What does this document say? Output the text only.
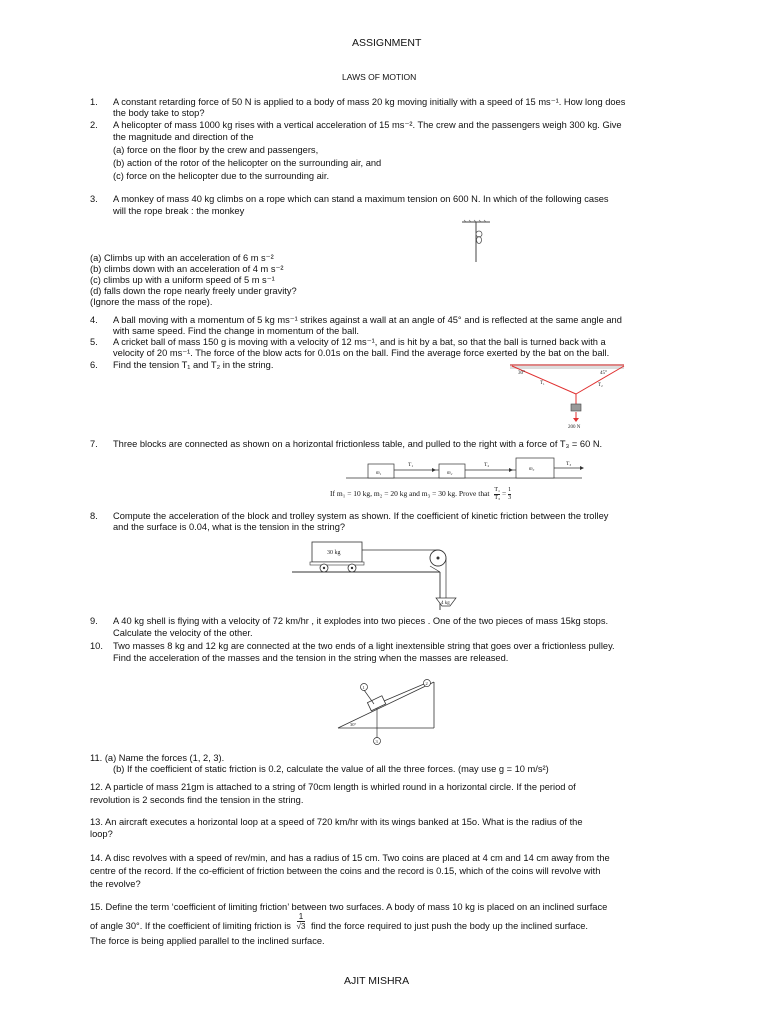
ASSIGNMENT
LAWS OF MOTION
1. A constant retarding force of 50 N is applied to a body of mass 20 kg moving initially with a speed of 15 ms⁻¹. How long does
the body take to stop?
2. A helicopter of mass 1000 kg rises with a vertical acceleration of 15 ms⁻². The crew and the passengers weigh 300 kg. Give
the magnitude and direction of the
(a) force on the floor by the crew and passengers,
(b) action of the rotor of the helicopter on the surrounding air, and
(c) force on the helicopter due to the surrounding air.
3. A monkey of mass 40 kg climbs on a rope which can stand a maximum tension on 600 N. In which of the following cases
will the rope break : the monkey
(a) Climbs up with an acceleration of 6 m s⁻²
(b) climbs down with an acceleration of 4 m s⁻²
(c) climbs up with a uniform speed of 5 m s⁻¹
(d) falls down the rope nearly freely under gravity?
(Ignore the mass of the rope).
4. A ball moving with a momentum of 5 kg ms⁻¹ strikes against a wall at an angle of 45° and is reflected at the same angle and
with same speed. Find the change in momentum of the ball.
5. A cricket ball of mass 150 g is moving with a velocity of 12 ms⁻¹, and is hit by a bat, so that the ball is turned back with a
velocity of 20 ms⁻¹. The force of the blow acts for 0.01s on the ball. Find the average force exerted by the bat on the ball.
6. Find the tension T₁ and T₂ in the string.
30°	45°
T₁	T₂
200 N
7. Three blocks are connected as shown on a horizontal frictionless table, and pulled to the right with a force of T₃ = 60 N.
T₁	T₂	T₃
m₁	m₂
m₃
If m₁ = 10 kg, m₂ = 20 kg and m₃ = 30 kg. Prove that $\frac{\text{T₁}}{\text{T₃}} = \frac{1}{3}$
8. Compute the acceleration of the block and trolley system as shown. If the coefficient of kinetic friction between the trolley
and the surface is 0.04, what is the tension in the string?
30 kg
4 kg
9. A 40 kg shell is flying with a velocity of 72 km/hr , it explodes into two pieces . One of the two pieces of mass 15kg stops.
Calculate the velocity of the other.
10. Two masses 8 kg and 12 kg are connected at the two ends of a light inextensible string that goes over a frictionless pulley.
Find the acceleration of the masses and the tension in the string when the masses are released.
1
2
3
30°
11. (a) Name the forces (1, 2, 3).
(b) If the coefficient of static friction is 0.2, calculate the value of all the three forces. (may use g = 10 m/s²)
12. A particle of mass 21gm is attached to a string of 70cm length is whirled round in a horizontal circle. If the period of
revolution is 2 seconds find the tension in the string.
13. An aircraft executes a horizontal loop at a speed of 720 km/hr with its wings banked at 15o. What is the radius of the
loop?
14. A disc revolves with a speed of rev/min, and has a radius of 15 cm. Two coins are placed at 4 cm and 14 cm away from the
centre of the record. If the co-efficient of friction between the coins and the record is 0.15, which of the coins will revolve with
the revolve?
15. Define the term ‘coefficient of limiting friction’ between two surfaces. A body of mass 10 kg is placed on an inclined surface
of angle 30°. If the coefficient of limiting friction is $\frac{1}{√3}$ find the force required to just push the body up the inclined surface.
The force is being applied parallel to the inclined surface.
AJIT MISHRA
